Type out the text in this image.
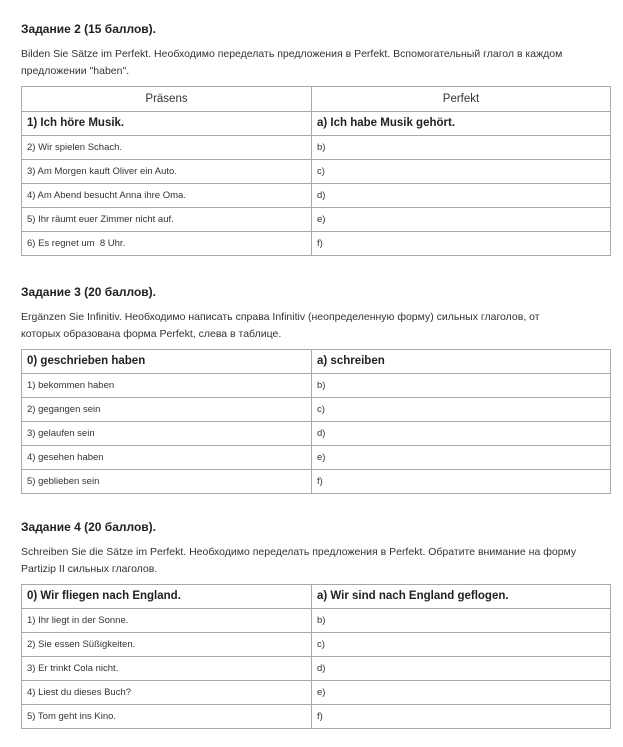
Задание 2 (15 баллов).

Bilden Sie Sätze im Perfekt. Необходимо переделать предложения в Perfekt. Вспомогательный глагол в каждом
предложении "haben".

Präsens	Perfekt
1) Ich höre Musik.	a) Ich habe Musik gehört.
2) Wir spielen Schach.	b)
3) Am Morgen kauft Oliver ein Auto.	c)
4) Am Abend besucht Anna ihre Oma.	d)
5) Ihr räumt euer Zimmer nicht auf.	e)
6) Es regnet um  8 Uhr.	f)

Задание 3 (20 баллов).

Ergänzen Sie Infinitiv. Необходимо написать справа Infinitiv (неопределенную форму) сильных глаголов, от
которых образована форма Perfekt, слева в таблице.

0) geschrieben haben	a) schreiben
1) bekommen haben	b)
2) gegangen sein	c)
3) gelaufen sein	d)
4) gesehen haben	e)
5) geblieben sein	f)

Задание 4 (20 баллов).

Schreiben Sie die Sätze im Perfekt. Необходимо переделать предложения в Perfekt. Обратите внимание на форму
Partizip II сильных глаголов.

0) Wir fliegen nach England.	a) Wir sind nach England geflogen.
1) Ihr liegt in der Sonne.	b)
2) Sie essen Süßigkeiten.	c)
3) Er trinkt Cola nicht.	d)
4) Liest du dieses Buch?	e)
5) Tom geht ins Kino.	f)
